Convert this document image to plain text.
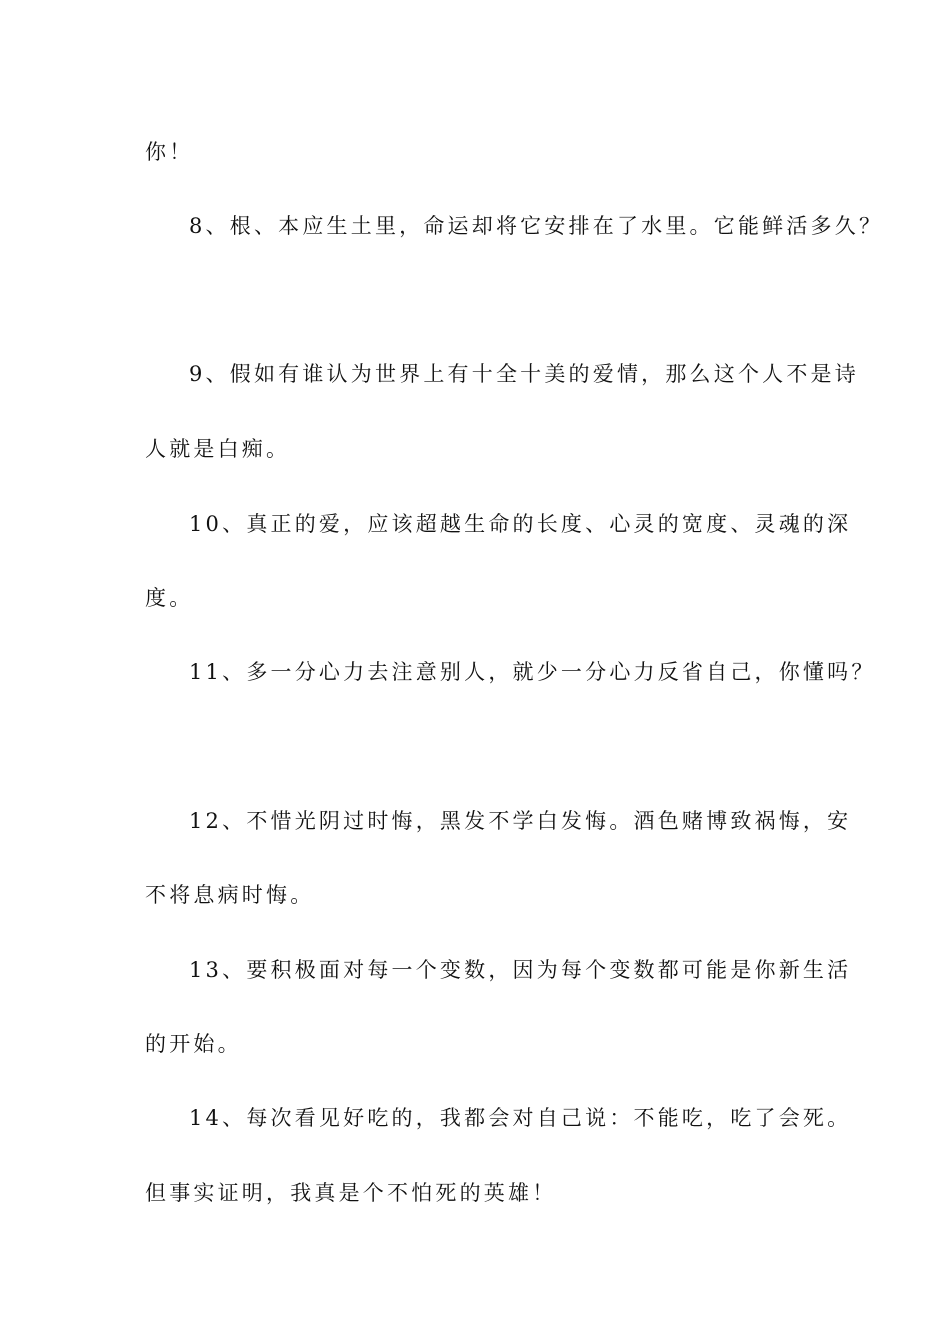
你！
8、根、本应生土里，命运却将它安排在了水里。它能鲜活多久？
9、假如有谁认为世界上有十全十美的爱情，那么这个人不是诗
人就是白痴。
10、真正的爱，应该超越生命的长度、心灵的宽度、灵魂的深
度。
11、多一分心力去注意别人，就少一分心力反省自己，你懂吗？
12、不惜光阴过时悔，黑发不学白发悔。酒色赌博致祸悔，安
不将息病时悔。
13、要积极面对每一个变数，因为每个变数都可能是你新生活
的开始。
14、每次看见好吃的，我都会对自己说：不能吃，吃了会死。
但事实证明，我真是个不怕死的英雄！
